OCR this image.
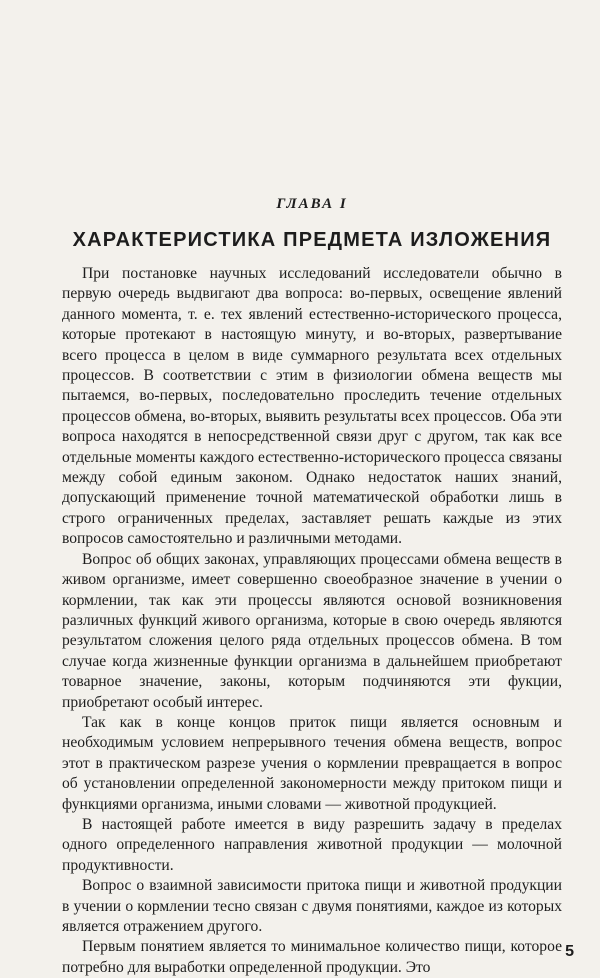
ГЛАВА I
ХАРАКТЕРИСТИКА ПРЕДМЕТА ИЗЛОЖЕНИЯ

При постановке научных исследований исследователи обычно в первую очередь выдвигают два вопроса: во-первых, освещение явлений данного момента, т. е. тех явлений естественно-исторического процесса, которые протекают в настоящую минуту, и во-вторых, развертывание всего процесса в целом в виде суммарного результата всех отдельных процессов. В соответствии с этим в физиологии обмена веществ мы пытаемся, во-первых, последовательно проследить течение отдельных процессов обмена, во-вторых, выявить результаты всех процессов. Оба эти вопроса находятся в непосредственной связи друг с другом, так как все отдельные моменты каждого естественно-исторического процесса связаны между собой единым законом. Однако недостаток наших знаний, допускающий применение точной математической обработки лишь в строго ограниченных пределах, заставляет решать каждые из этих вопросов самостоятельно и различными методами.

Вопрос об общих законах, управляющих процессами обмена веществ в живом организме, имеет совершенно своеобразное значение в учении о кормлении, так как эти процессы являются основой возникновения различных функций живого организма, которые в свою очередь являются результатом сложения целого ряда отдельных процессов обмена. В том случае когда жизненные функции организма в дальнейшем приобретают товарное значение, законы, которым подчиняются эти фукции, приобретают особый интерес.

Так как в конце концов приток пищи является основным и необходимым условием непрерывного течения обмена веществ, вопрос этот в практическом разрезе учения о кормлении превращается в вопрос об установлении определенной закономерности между притоком пищи и функциями организма, иными словами — животной продукцией.

В настоящей работе имеется в виду разрешить задачу в пределах одного определенного направления животной продукции — молочной продуктивности.

Вопрос о взаимной зависимости притока пищи и животной продукции в учении о кормлении тесно связан с двумя понятиями, каждое из которых является отражением другого.

Первым понятием является то минимальное количество пищи, которое потребно для выработки определенной продукции. Это

5
